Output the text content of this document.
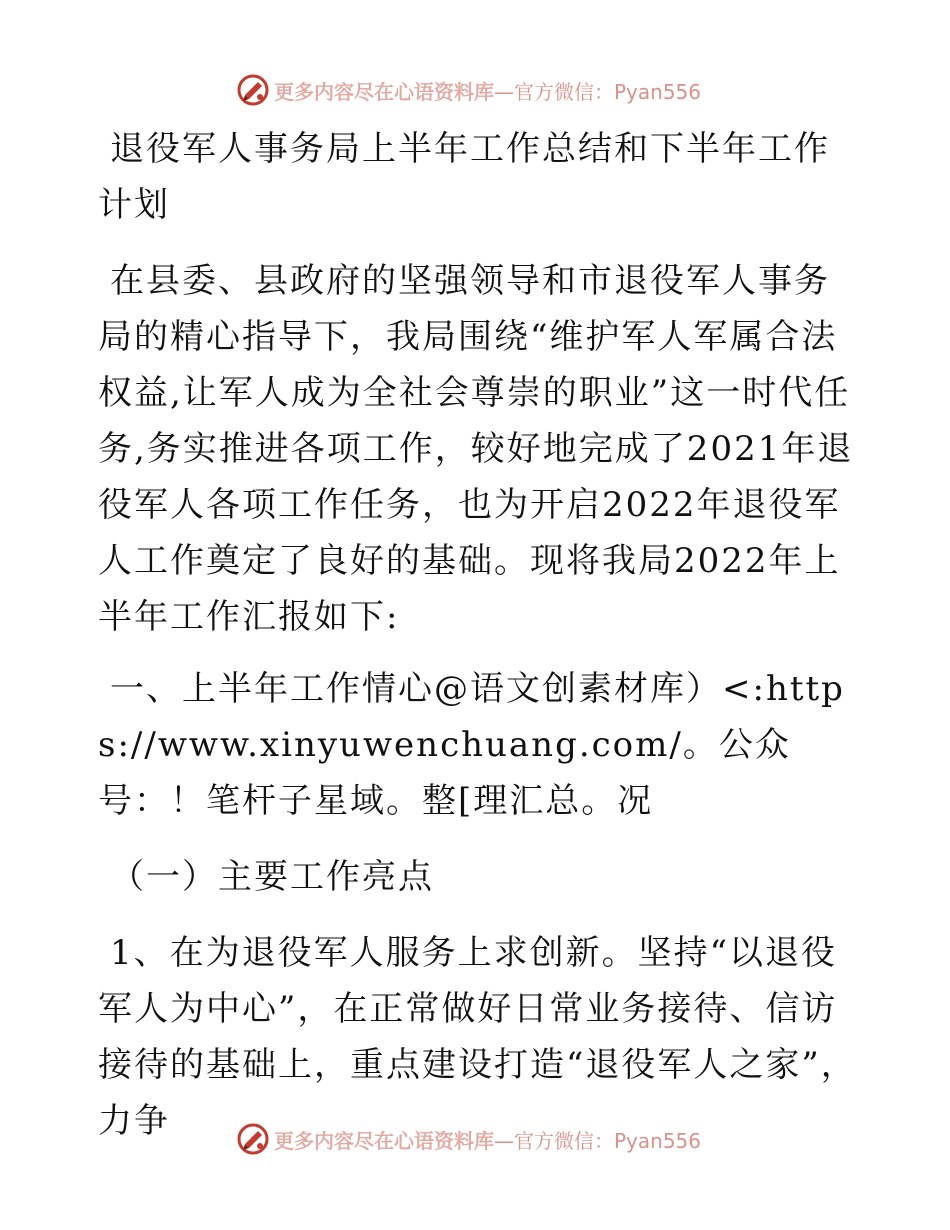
更多内容尽在心语资料库 —官方微信：Pyan556

退役军人事务局上半年工作总结和下半年工作计划

在县委、县政府的坚强领导和市退役军人事务局的精心指导下，我局围绕“维护军人军属合法权益,让军人成为全社会尊崇的职业”这一时代任务,务实推进各项工作，较好地完成了2021年退役军人各项工作任务，也为开启2022年退役军人工作奠定了良好的基础。现将我局2022年上半年工作汇报如下:

一、上半年工作情心@语文创素材库）<:https://www.xinyuwenchuang.com/。公众号：！笔杆子星域。整[理汇总。况

（一）主要工作亮点

1、在为退役军人服务上求创新。坚持“以退役军人为中心”，在正常做好日常业务接待、信访接待的基础上，重点建设打造“退役军人之家”，力争	更多内容尽在心语资料库 —官方微信：Pyan556
